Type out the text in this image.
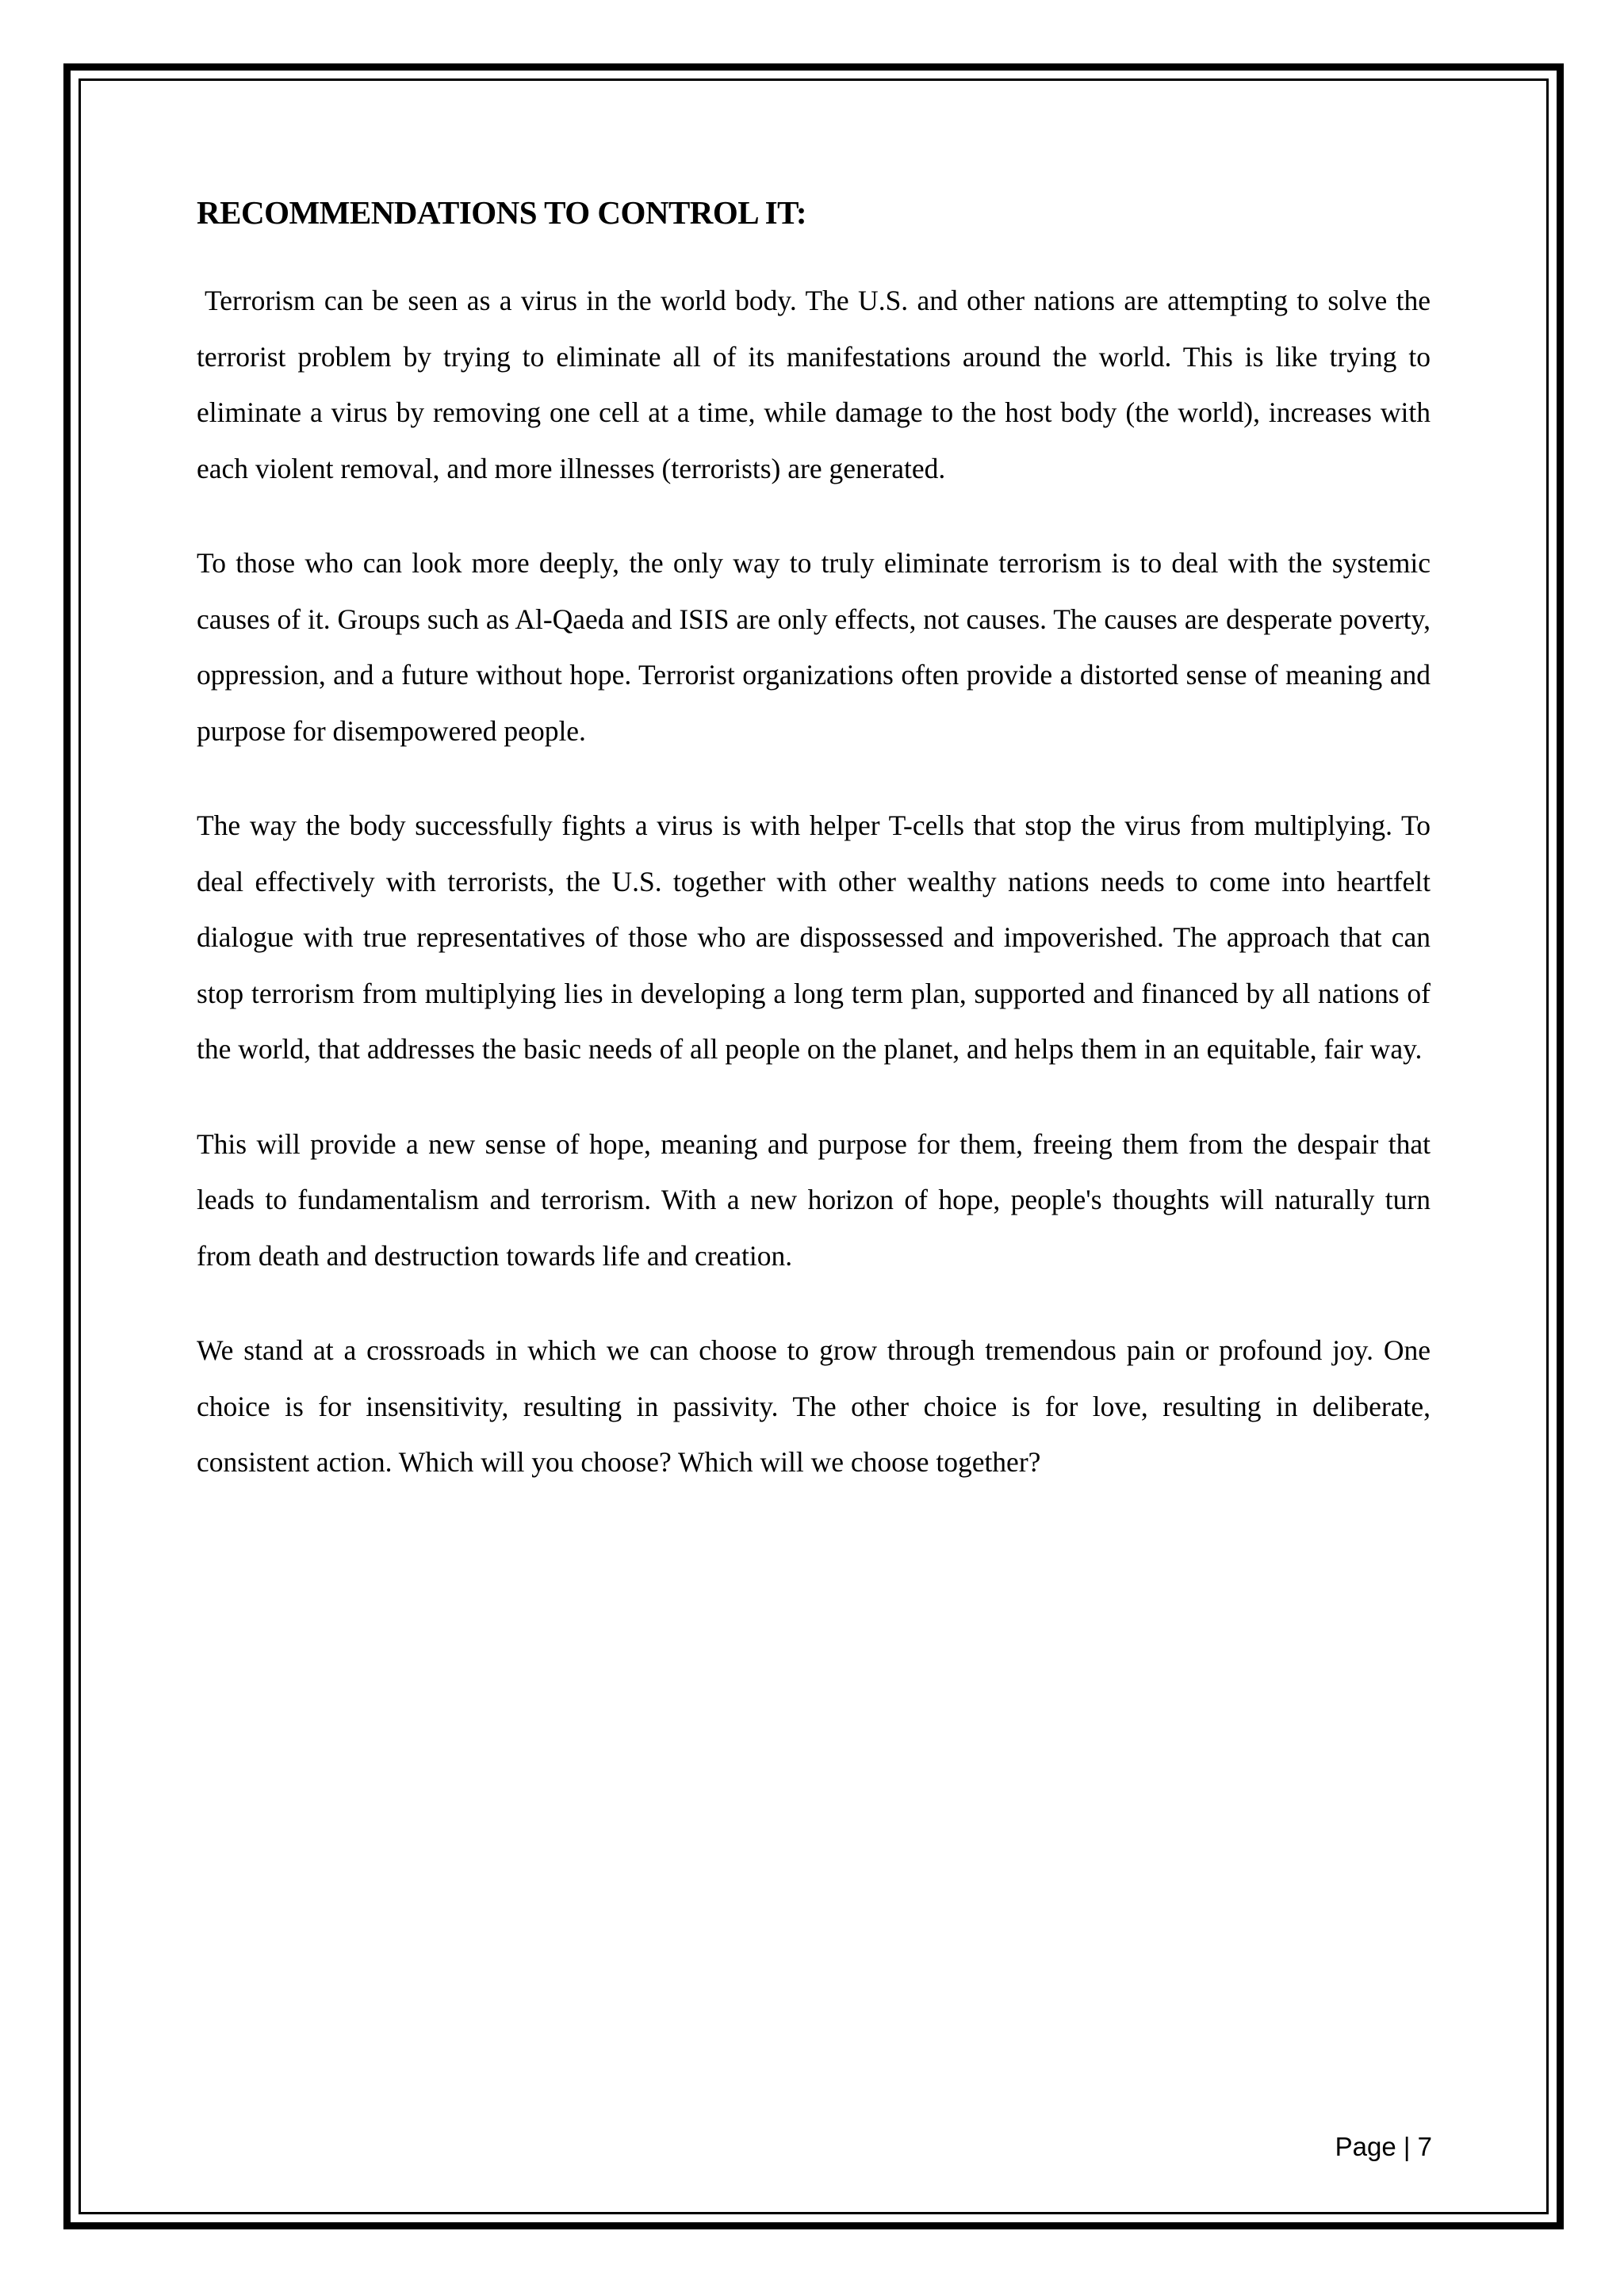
RECOMMENDATIONS TO CONTROL IT:

Terrorism can be seen as a virus in the world body. The U.S. and other nations are attempting to solve the terrorist problem by trying to eliminate all of its manifestations around the world. This is like trying to eliminate a virus by removing one cell at a time, while damage to the host body (the world), increases with each violent removal, and more illnesses (terrorists) are generated.

To those who can look more deeply, the only way to truly eliminate terrorism is to deal with the systemic causes of it. Groups such as Al-Qaeda and ISIS are only effects, not causes. The causes are desperate poverty, oppression, and a future without hope. Terrorist organizations often provide a distorted sense of meaning and purpose for disempowered people.

The way the body successfully fights a virus is with helper T-cells that stop the virus from multiplying. To deal effectively with terrorists, the U.S. together with other wealthy nations needs to come into heartfelt dialogue with true representatives of those who are dispossessed and impoverished. The approach that can stop terrorism from multiplying lies in developing a long term plan, supported and financed by all nations of the world, that addresses the basic needs of all people on the planet, and helps them in an equitable, fair way.

This will provide a new sense of hope, meaning and purpose for them, freeing them from the despair that leads to fundamentalism and terrorism. With a new horizon of hope, people's thoughts will naturally turn from death and destruction towards life and creation.

We stand at a crossroads in which we can choose to grow through tremendous pain or profound joy. One choice is for insensitivity, resulting in passivity. The other choice is for love, resulting in deliberate, consistent action. Which will you choose? Which will we choose together?

Page | 7
